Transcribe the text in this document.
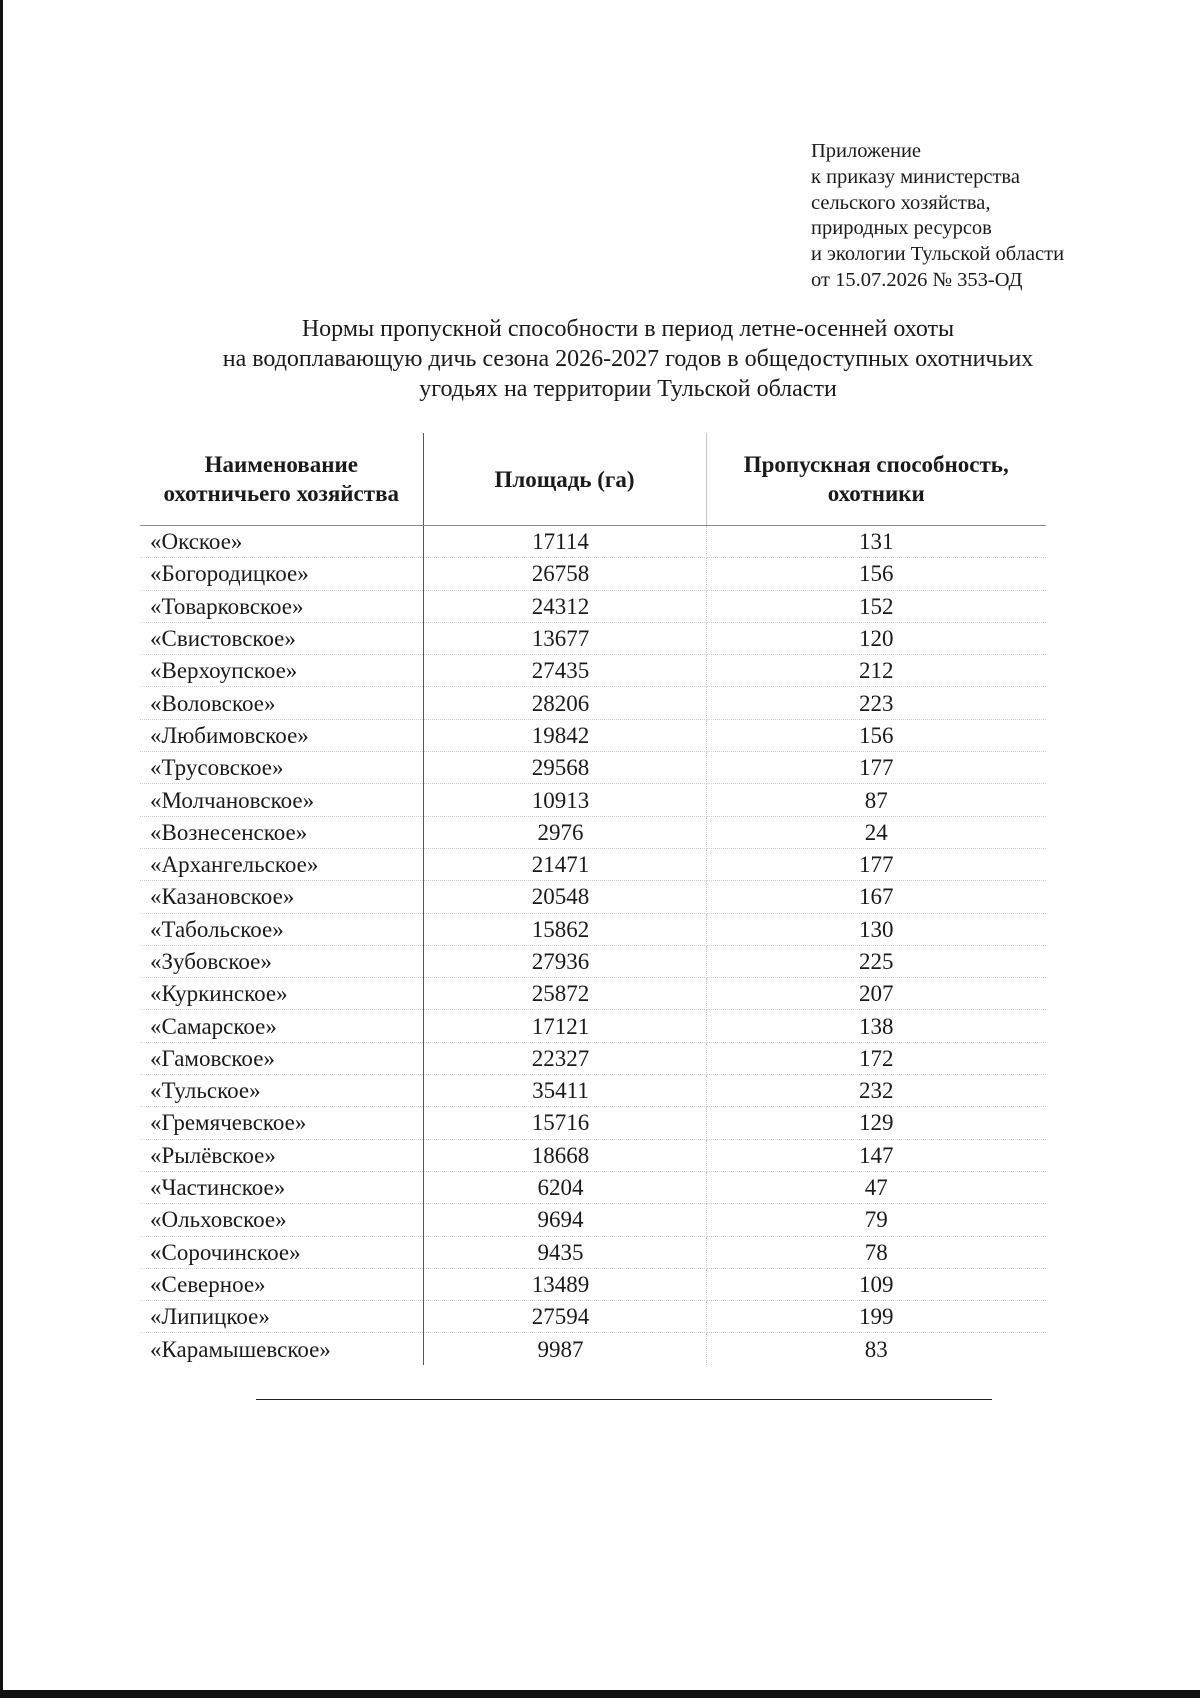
Приложение
к приказу министерства
сельского хозяйства,
природных ресурсов
и экологии Тульской области
от 15.07.2026 № 353-ОД
Нормы пропускной способности в период летне-осенней охоты
на водоплавающую дичь сезона 2026-2027 годов в общедоступных охотничьих
угодьях на территории Тульской области
Наименование охотничьего хозяйства	Площадь (га)	Пропускная способность, охотники
«Окское»	17114	131
«Богородицкое»	26758	156
«Товарковское»	24312	152
«Свистовское»	13677	120
«Верхоупское»	27435	212
«Воловское»	28206	223
«Любимовское»	19842	156
«Трусовское»	29568	177
«Молчановское»	10913	87
«Вознесенское»	2976	24
«Архангельское»	21471	177
«Казановское»	20548	167
«Табольское»	15862	130
«Зубовское»	27936	225
«Куркинское»	25872	207
«Самарское»	17121	138
«Гамовское»	22327	172
«Тульское»	35411	232
«Гремячевское»	15716	129
«Рылёвское»	18668	147
«Частинское»	6204	47
«Ольховское»	9694	79
«Сорочинское»	9435	78
«Северное»	13489	109
«Липицкое»	27594	199
«Карамышевское»	9987	83
